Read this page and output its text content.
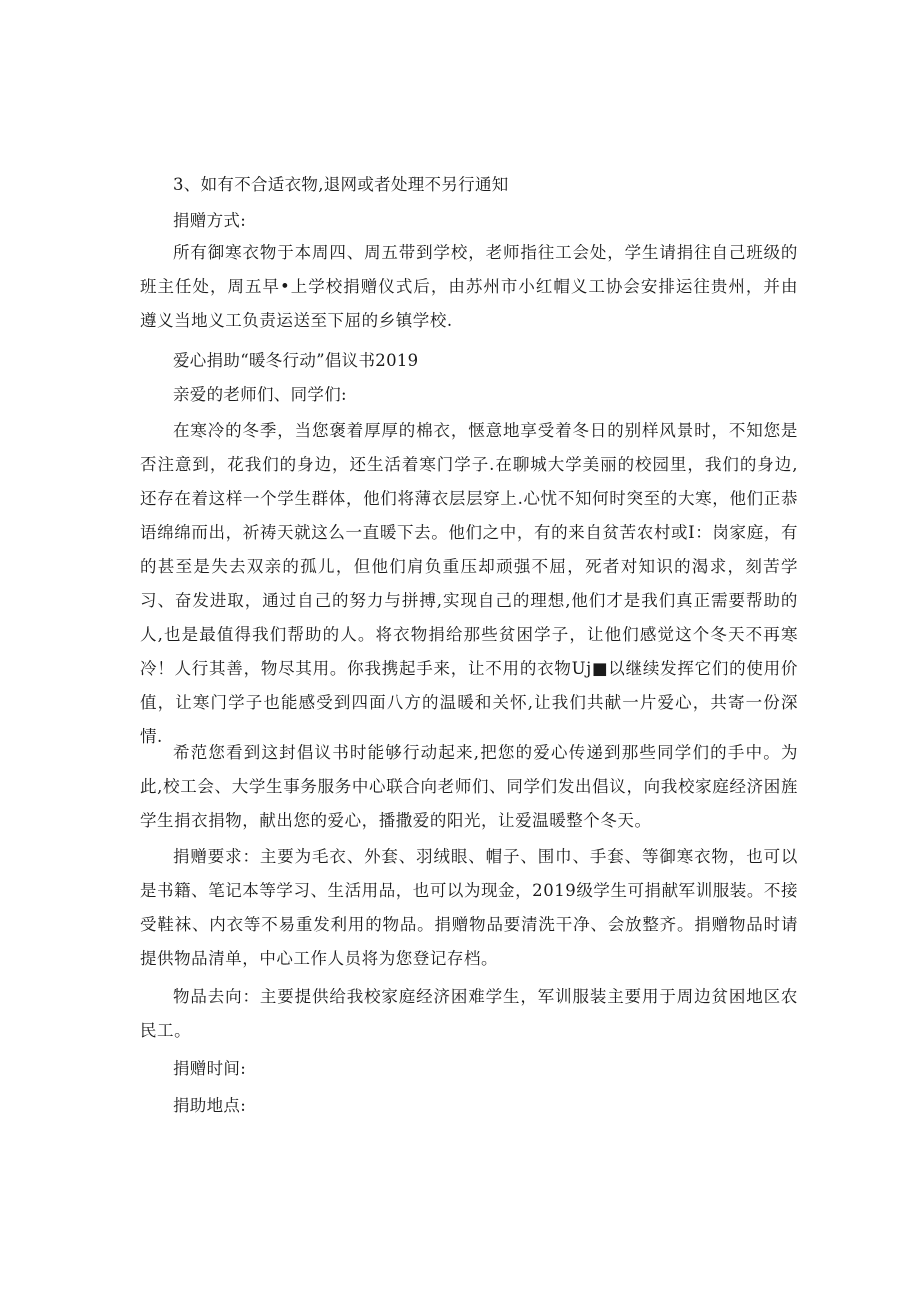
3、如有不合适衣物,退网或者处理不另行通知
捐赠方式:

所有御寒衣物于本周四、周五带到学校，老师指往工会处，学生请捐往自己班级的班主任处，周五早•上学校捐赠仪式后，由苏州市小红帽义工协会安排运往贵州，并由遵义当地义工负责运送至下屈的乡镇学校.

爱心捐助“暖冬行动”倡议书2019
亲爱的老师们、同学们:

在寒冷的冬季，当您褒着厚厚的棉衣，惬意地享受着冬日的别样风景时，不知您是否注意到，花我们的身边，还生活着寒门学子.在聊城大学美丽的校园里，我们的身边,还存在着这样一个学生群体，他们将薄衣层层穿上.心忧不知何时突至的大寒，他们正恭语绵绵而出，祈祷天就这么一直暖下去。他们之中，有的来自贫苦农村或I：岗家庭，有的甚至是失去双亲的孤儿，但他们肩负重压却顽强不屈，死者对知识的渴求，刻苦学习、奋发进取，通过自己的努力与拼搏,实现自己的理想,他们才是我们真正需要帮助的人,也是最值得我们帮助的人。将衣物捐给那些贫困学子，让他们感觉这个冬天不再寒冷！人行其善，物尽其用。你我携起手来，让不用的衣物Uj■以继续发挥它们的使用价值，让寒门学子也能感受到四面八方的温暖和关怀,让我们共献一片爱心，共寄一份深情.

希范您看到这封倡议书时能够行动起来,把您的爱心传递到那些同学们的手中。为此,校工会、大学生事务服务中心联合向老师们、同学们发出倡议，向我校家庭经济困旌学生捐衣捐物，献出您的爱心，播撒爱的阳光，让爱温暖整个冬天。

捐赠要求：主要为毛衣、外套、羽绒眼、帽子、围巾、手套、等御寒衣物，也可以是书籍、笔记本等学习、生活用品，也可以为现金，2019级学生可捐献军训服装。不接受鞋袜、内衣等不易重发利用的物品。捐赠物品要清洗干净、会放整齐。捐赠物品时请提供物品清单，中心工作人员将为您登记存档。

物品去向：主要提供给我校家庭经济困难学生，军训服装主要用于周边贫困地区农民工。

捐赠时间:
捐助地点:
